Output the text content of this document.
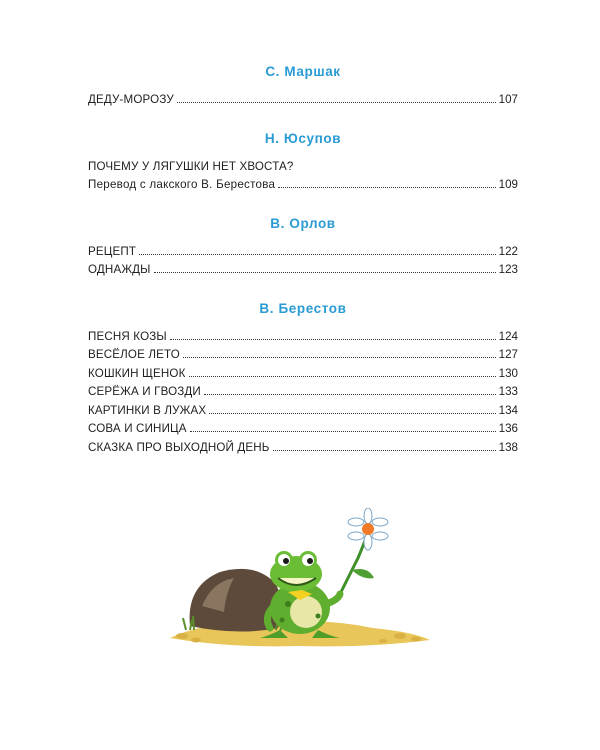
С. Маршак
ДЕДУ-МОРОЗУ	107
Н. Юсупов
ПОЧЕМУ У ЛЯГУШКИ НЕТ ХВОСТА?
Перевод с лакского В. Берестова	109
В. Орлов
РЕЦЕПТ	122
ОДНАЖДЫ	123
В. Берестов
ПЕСНЯ КОЗЫ	124
ВЕСЁЛОЕ ЛЕТО	127
КОШКИН ЩЕНОК	130
СЕРЁЖА И ГВОЗДИ	133
КАРТИНКИ В ЛУЖАХ	134
СОВА И СИНИЦА	136
СКАЗКА ПРО ВЫХОДНОЙ ДЕНЬ	138
